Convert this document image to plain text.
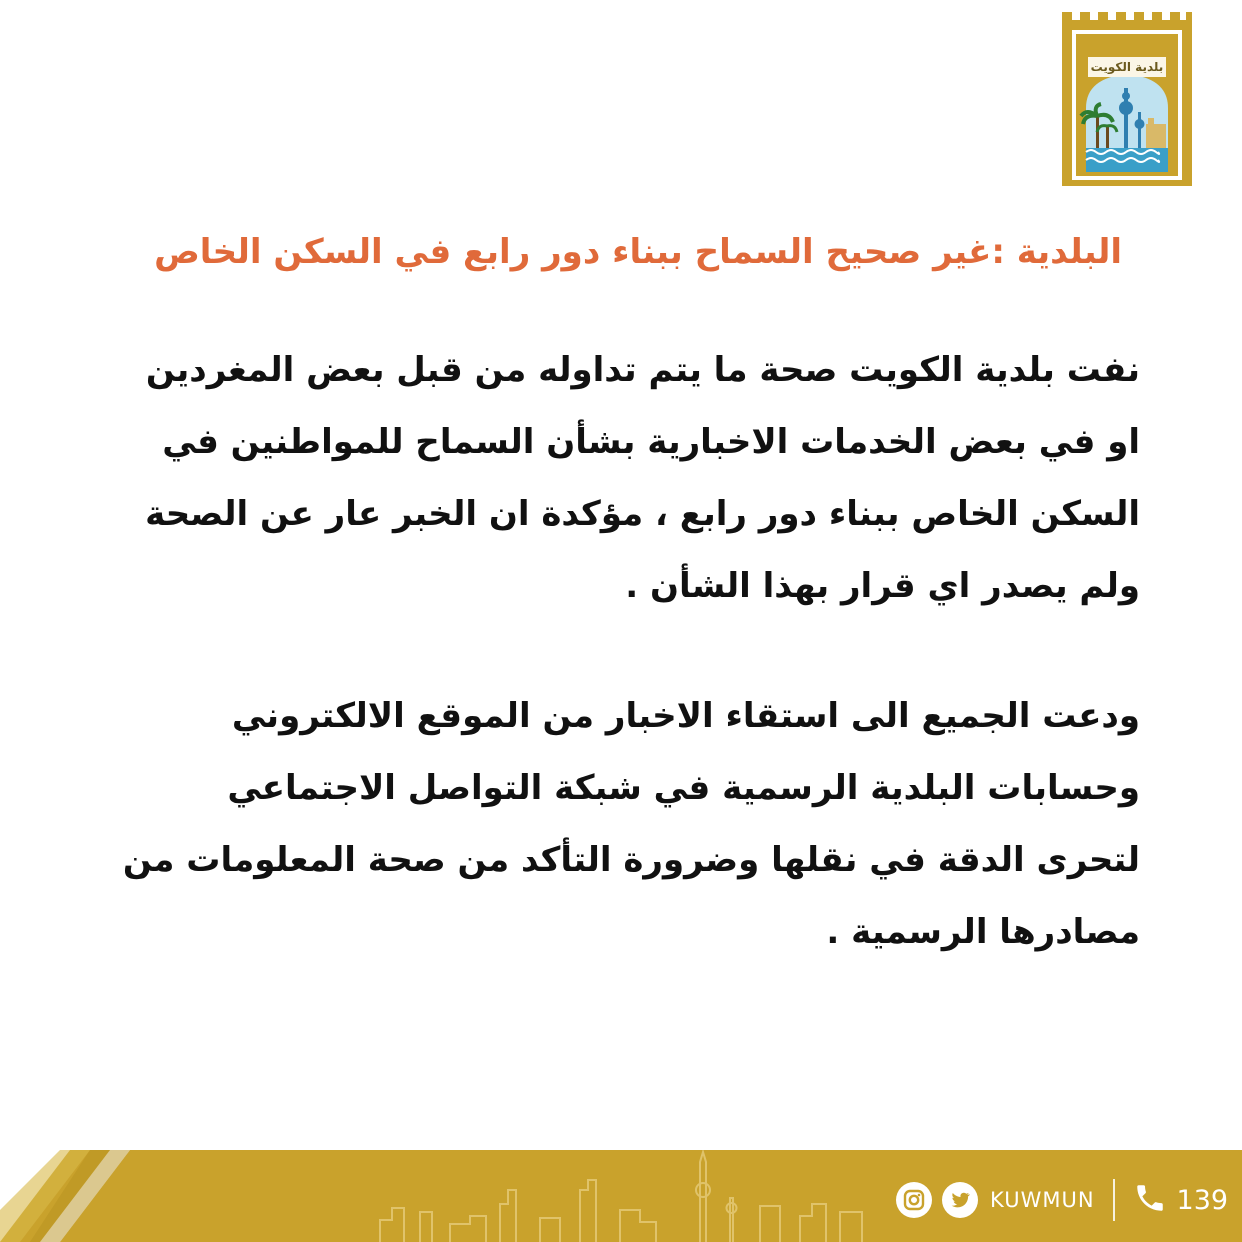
بلدية الكويت
البلدية :غير صحيح السماح ببناء دور رابع في السكن الخاص
نفت بلدية الكويت صحة ما يتم تداوله من قبل بعض المغردين
او في بعض الخدمات الاخبارية بشأن السماح للمواطنين في
السكن الخاص ببناء دور رابع ، مؤكدة ان الخبر عار عن الصحة
ولم يصدر اي قرار بهذا الشأن .
ودعت الجميع الى استقاء الاخبار من الموقع الالكتروني
وحسابات البلدية الرسمية في شبكة التواصل الاجتماعي
لتحرى الدقة في نقلها وضرورة التأكد من صحة المعلومات من
مصادرها الرسمية .
KUWMUN	139
